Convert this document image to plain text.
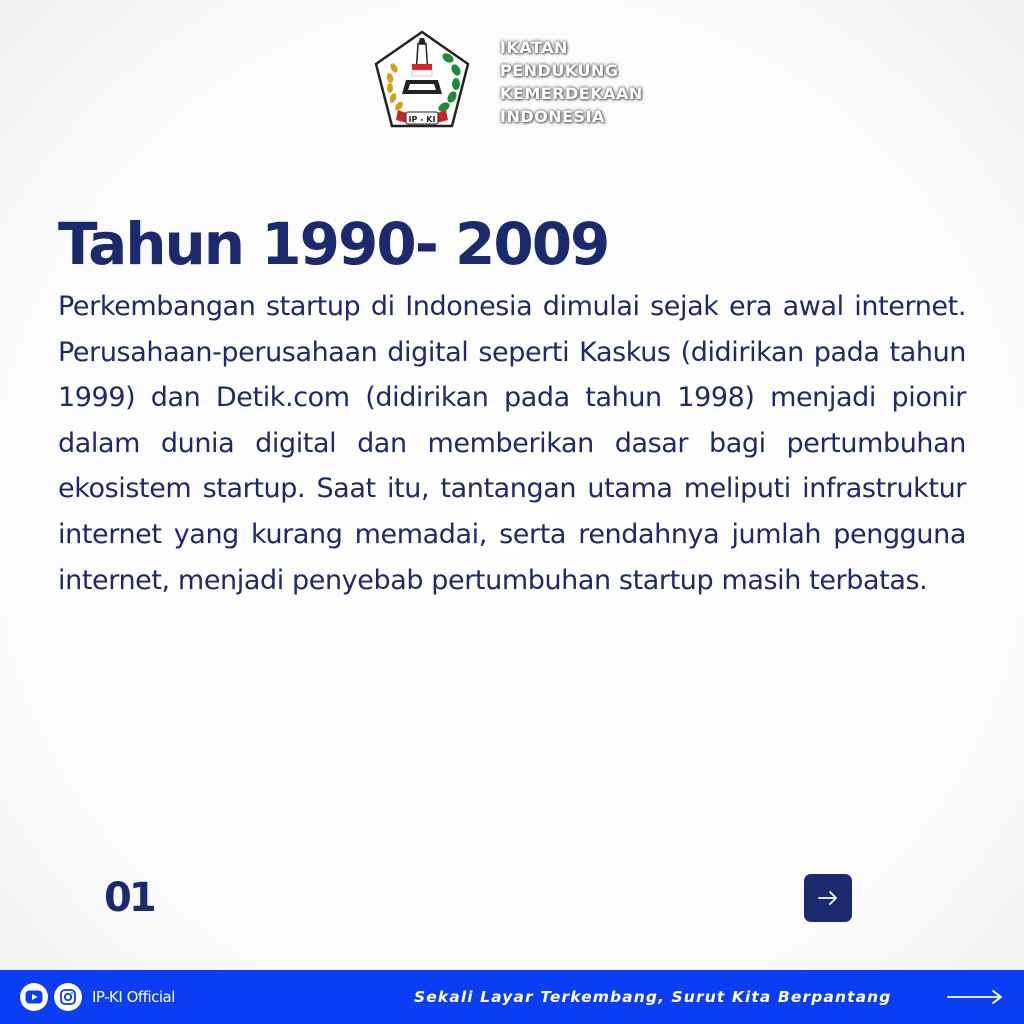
IP - KI
IKATAN
PENDUKUNG
KEMERDEKAAN
INDONESIA
Tahun 1990- 2009

Perkembangan startup di Indonesia dimulai sejak era awal internet. Perusahaan-perusahaan digital seperti Kaskus (didirikan pada tahun 1999) dan Detik.com (didirikan pada tahun 1998) menjadi pionir dalam dunia digital dan memberikan dasar bagi pertumbuhan ekosistem startup. Saat itu, tantangan utama meliputi infrastruktur internet yang kurang memadai, serta rendahnya jumlah pengguna internet, menjadi penyebab pertumbuhan startup masih terbatas.

01
IP-KI Official	Sekali Layar Terkembang, Surut Kita Berpantang
